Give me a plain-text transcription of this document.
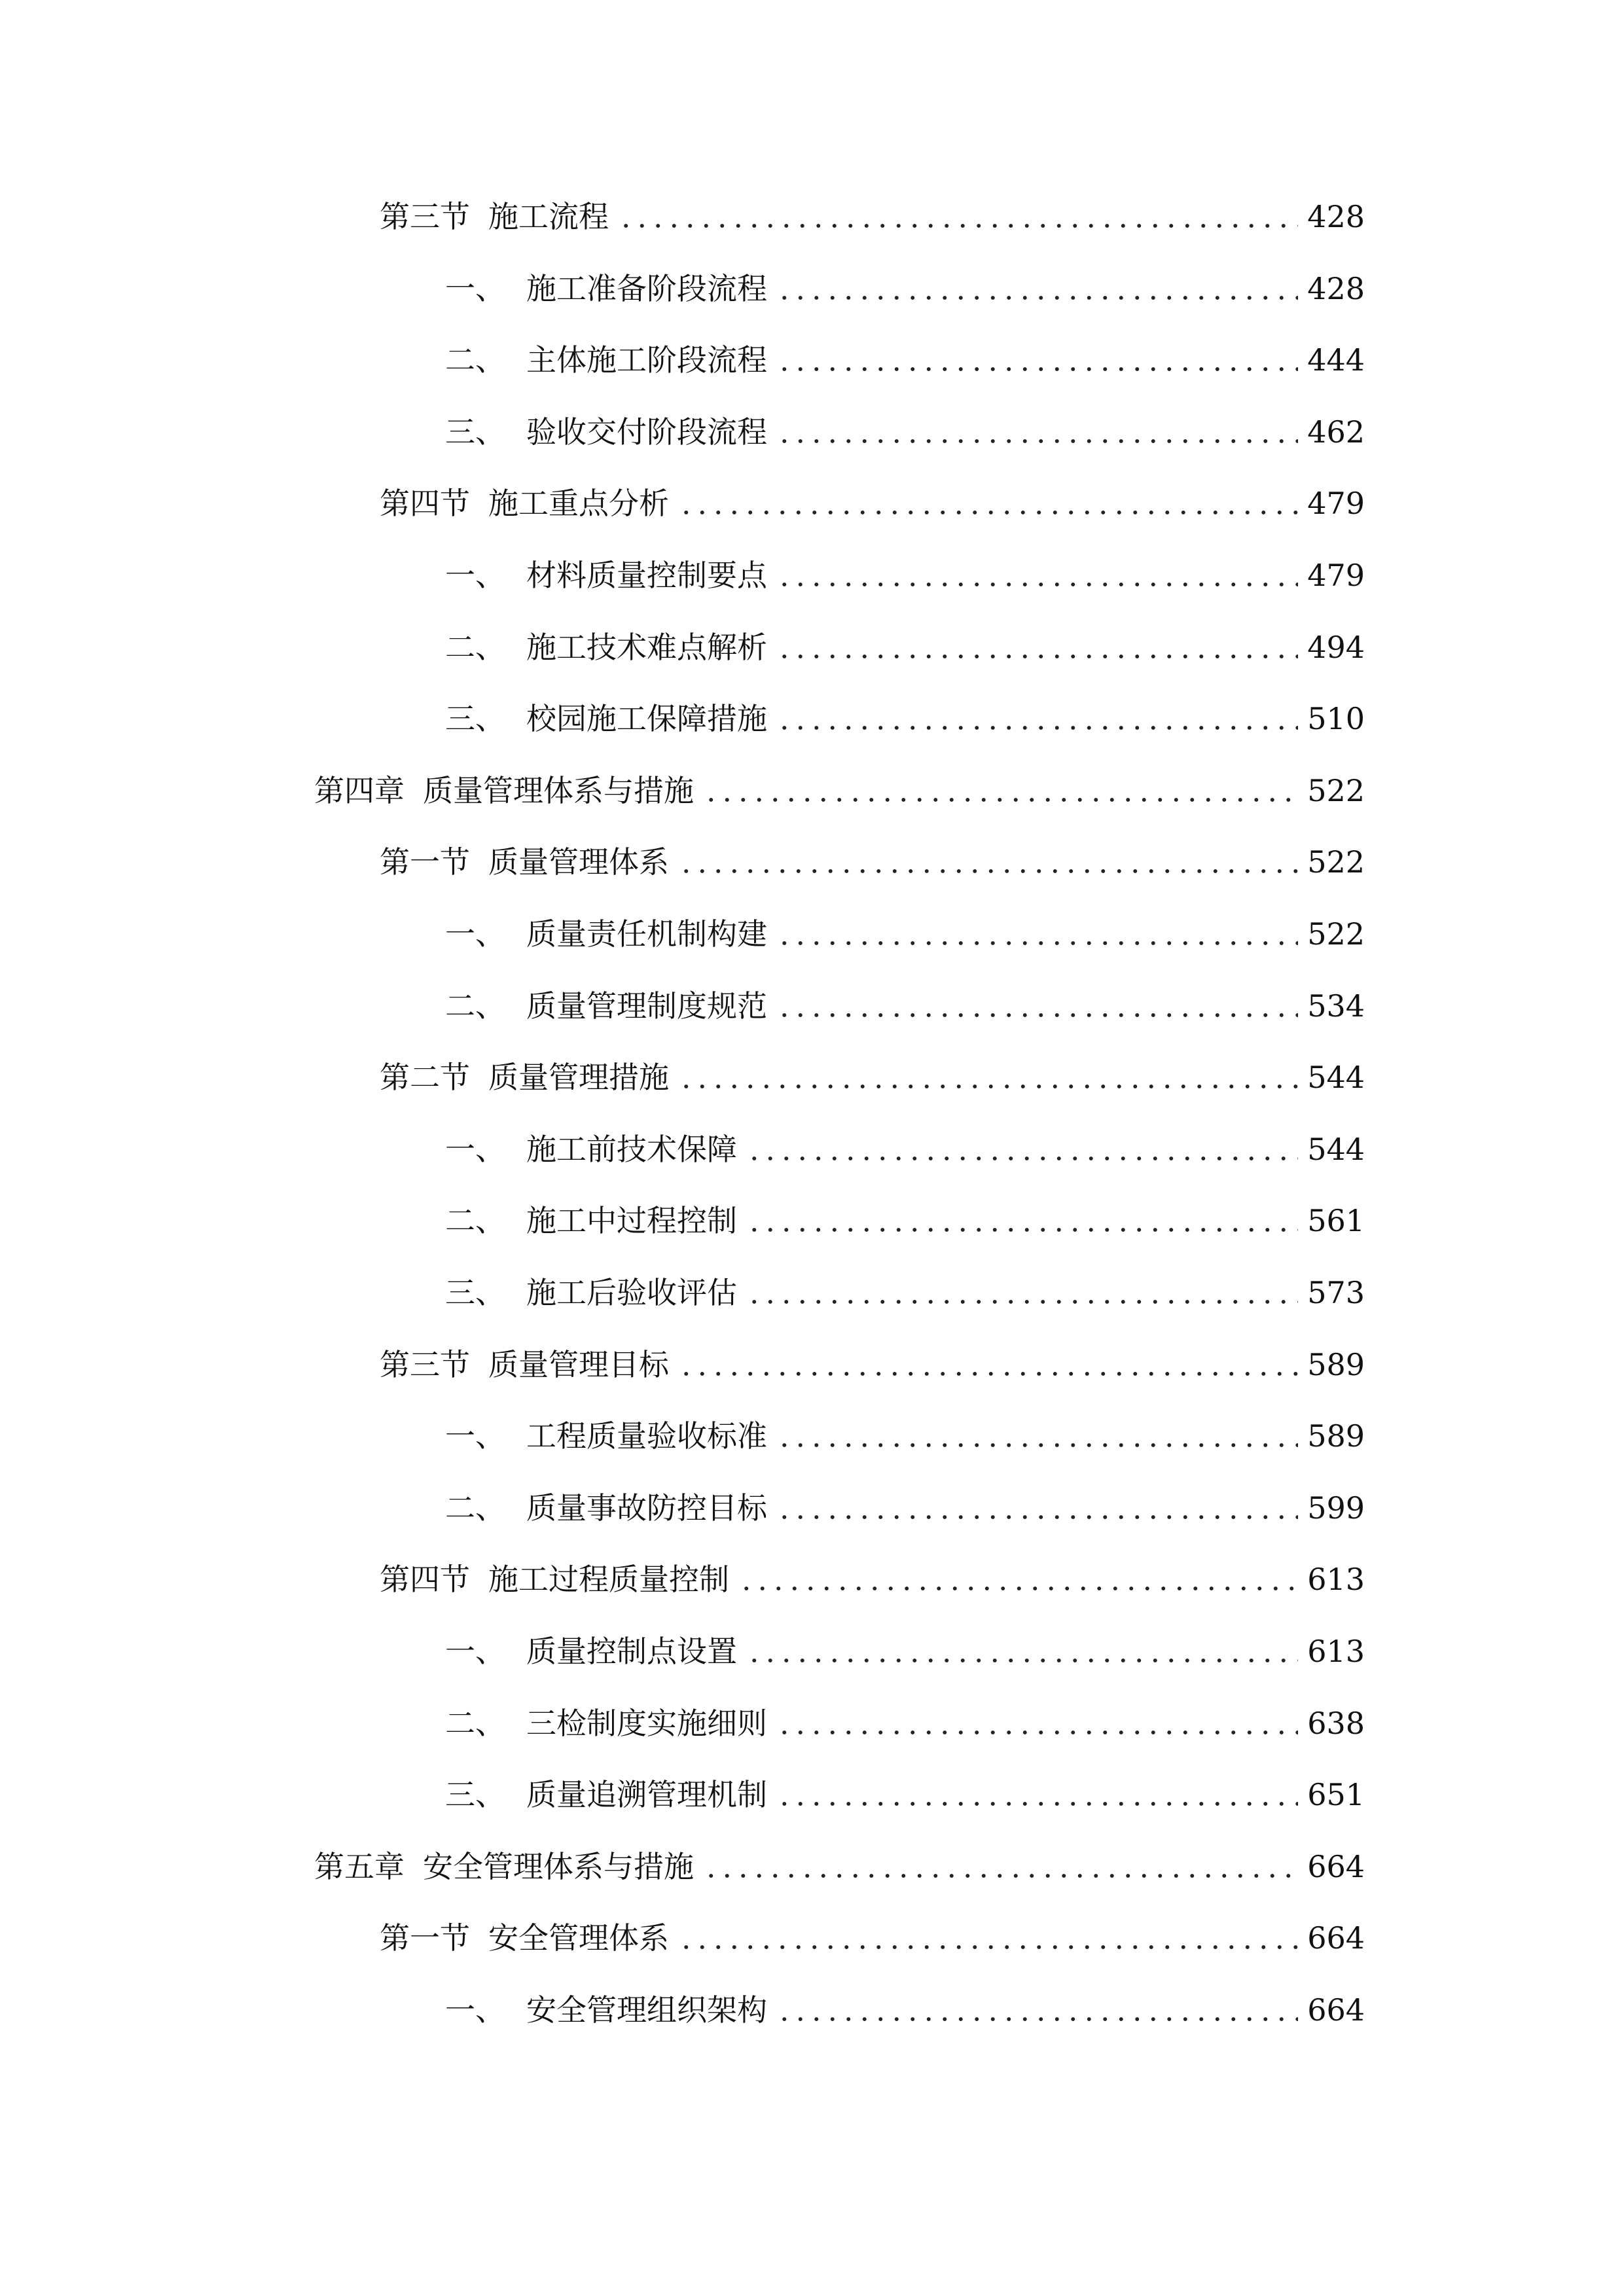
第三节 施工流程	428
一、 施工准备阶段流程	428
二、 主体施工阶段流程	444
三、 验收交付阶段流程	462
第四节 施工重点分析	479
一、 材料质量控制要点	479
二、 施工技术难点解析	494
三、 校园施工保障措施	510
第四章 质量管理体系与措施	522
第一节 质量管理体系	522
一、 质量责任机制构建	522
二、 质量管理制度规范	534
第二节 质量管理措施	544
一、 施工前技术保障	544
二、 施工中过程控制	561
三、 施工后验收评估	573
第三节 质量管理目标	589
一、 工程质量验收标准	589
二、 质量事故防控目标	599
第四节 施工过程质量控制	613
一、 质量控制点设置	613
二、 三检制度实施细则	638
三、 质量追溯管理机制	651
第五章 安全管理体系与措施	664
第一节 安全管理体系	664
一、 安全管理组织架构	664
